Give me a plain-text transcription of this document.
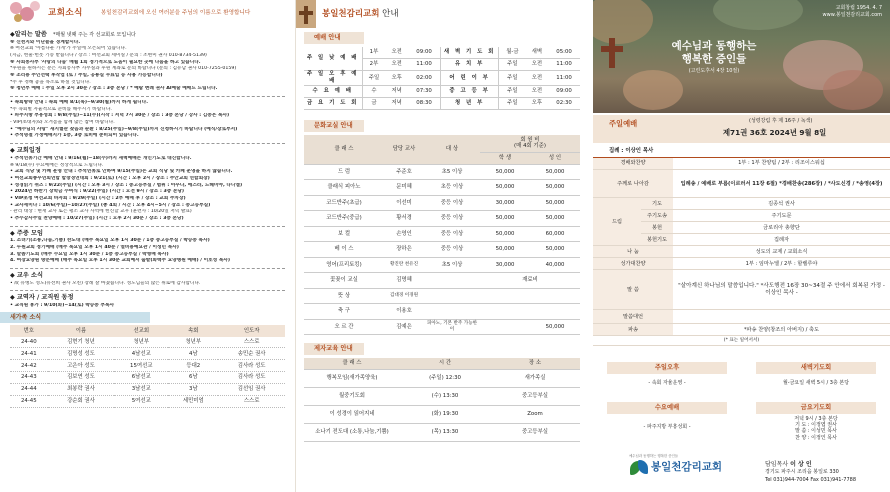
교회소식	봉일천감리교회에 오신 여러분을 주님의 이름으로 환영합니다
◆알리는 말씀 *매월 넷째 주는 각 선교회로 모입니다
※ 신천지와 이단들을 경계합시다.
※ 여선교회 '아름다운 가게'가 주일에 오픈되어 있습니다.
(지금, 헌물·헌옷 기증 받습니다 / 장소 : 여선교회 세미실 / 문의 : 조현미 권사 010-8734-5139)
※ 사회봉사부 '사랑의 나눔' 매월 1회 정기적으로 도움이 필요한 곳에 나눔을 하고 있습니다.
*후원을 원하시는 분은 사회봉사부 사무실과 후원 계좌로 문의 바랍니다 (문의 : 김유남 권사 010-7255-0159)
※ 조리용 주인선택 후작업 (토 / 주일, 공룡실 무료입 등 사용 가능합니다)
*주 후 정해 놓을 목소로 하실 것입니다.
※ 청년부 예배 : 주일 오후 2시 30분 / 장소 : 3층 본당 / * 예람 변례 권사 AI예술 예배드 드립니다.
• 속회방략 안내 : 속회 예배 8/1(목)~9/30(월)까지 하게 됩니다.
*주 속회별 자율적으로 준비를 해주시기 바랍니다.
• 파주지방 부흥성회 : 9/8(주일)~11(수)(시작 : 저녁 7시 30분 / 장소 : 3층 본당 / 강사 : 김중은 목사)
- VIP(초대자)와 오겨봄을 함께 많은 참여 바랍니다.
• "예수님의 사랑" 새지혈관 찾음과 순환 : 8/25(주일)~9/8(주일)까지 신청하시기 바랍니다 (예식/장로부서)
• 추석명절 가정예배지가 1층, 3층 로비에 준비되어 있습니다.
◆ 교회일정
• 추석연휴기간 예배 안내 : 9/16(월)~18(수)까지 새벽예배는 개인기도로 대신합니다.
※ 9/18(수) 수요예배는 정상적으로 드립니다.
• 교회 식당 및 카페 운영 안내 : 추석연휴로 인하여 9/15(주일)은 교회 식당 및 카페 운영을 하지 않습니다.
• 여선교회종무연회연합 합창경연대회 : 9/21(토) (시간 : 오후 2시 / 장소 : 주안교회 연합회장)
• 성경읽기 퀴즈 : 9/22(주일) (시간 : 오후 3시 / 장소 : 중고등부실 / 범위 : 아무나, 에스라, 느헤미야, 다니엘)
• 2024년 하반기 장학금 수여식 : 9/22(주일) (시간 : 오전 9시 / 장소 : 3층 본당)
• VIP초청 여선교회 바자회 : 9/29(주일) (시간 : 2부 예배 후 / 장소 : 교회 주차장)
• 교사세미나 : 10/6(주일)~10/27(주일) (총 4회 / 시간 : 오후 4시~5시 / 장소 : 중고등부실)
- 관리 대상 : 현재 교사 또는 평소 교사 사역에 헌신할 교우 (훈련사 : 10/20일 저녁 발표)
• 추수감사주일 찬양예배 : 10/27(주일) (시간 : 오후 2시 30분 / 장소 : 3층 본당)
◆ 주중 모임
1. 소녀기(소통,나눔,기쁨) 찬도대 (매주 목요일 오후 1시 30분 / 1층 중고등부실 / 박승중 목사)
2. 두원교회 정기예배 (매주 목요일 오후 1시 40분 / 열비용예요관 / 이성민 목사)
3. 말씀기도회 (매주 수요일 오후 1시 30분 / 1층 중고등부실 / 박형배 목사)
4. 여장요양원 방문예배 (매주 목요일 오후 1시 30분 교회예서 출발(화백주 요양병원 예배) / 이호성 목사)
◆ 교우 소식
• 故 유병도 성도(유선희 권사 모친) 장례 잘 마쳤습니다. 성도님들의 많은 위로에 감사합니다.
◆ 교역자 / 교직원 동정
• 교직원 휴가 : 9/10(화)~14(토) 박승중 부목사
새가족 소식
번호	이름	선교회	속회	인도자
24-40	김현기 청년	청년부	청년부	스스로
24-41	김명성 성도	4남선교	4남	송민순 권사
24-42	고은아 성도	15여선교	등대2	김사라 성도
24-43	김보연 성도	6남선교	6남	김사라 성도
24-44	최봉락 권사	3남선교	3남	김선임 권사
24-45	강순회 권사	5여선교	세민미엄	스스로
봉일천감리교회 안내
예배 안내
주 일 낮 예 배	1부	오전	09:00	새 벽 기 도 회	월-금	새벽	05:00
	2부	오전	11:00	유 치 부	주일	오전	11:00
주 일 오 후 예 배	주일	오후	02:00	어 린 이 부	주일	오전	11:00
수 요 예 배	수	저녁	07:30	중 고 등 부	주일	오전	09:00
금 요 기 도 회	금	저녁	08:30	청 년 부	주일	오후	02:30
문화교실 안내
클 래 스	담당 교사	대 상	회 원 비
(매 4회 기준)	
			학 생	성 인
드 럼	주준호	초5 이상	50,000	50,000
클래식 피아노	문미혜	초등 이상	50,000	50,000
코드반주(초급)	이선미	중등 이상	30,000	50,000
코드반주(중급)	황서경	중등 이상	50,000	50,000
보 컬	손영인	중등 이상	50,000	60,000
베 이 스	장하은	중등 이상	50,000	50,000
영어(프리토킹)	황진란 천유진	초5 이상	30,000	40,000
꽃꽂이 교실	김명혜		재료비	
뜻 상	김대경 이경원			
축 구	이용호			
오 르 간	김예은	피아노, 기본 반주 가능한 이		50,000
제자교육 안내
클 래 스	시 간	장 소
행복모임(새가족양육)	(주일) 12:30	새가족실
월중기도회	(수) 13:30	중고등부실
이 성경이 읽어지네	(화) 19:30	Zoom
소나기 전도대 (소통,나눔,기쁨)	(목) 13:30	중고등부실
교회창립 1954. 4. 7
www.봉일천감리교회.com
예수님과 동행하는
행복한 증인들
(고린도후서 4장 10절)
주일예배	(성령강림 후 제 16주 / 녹색)
제71권 36호 2024년 9월 8일
집례 : 이상인 목사
경배와찬양		1부 : 1부 찬양팀 / 2부 : 리조이스워십
주께로 나아감		입례송 / 예배로 부름(이르러서 11장 6절) *경배찬송(286장) / *사도신경 / *송영(4장)
드림	기도	김종석 권사
	주기도송	주기도문
	봉헌	금로리아 총향단
	봉헌기도	집례자
나 눔		성도의 교제 / 교회소식
성가대찬양		1부 : 임마누엘 / 2부 : 할렐루야
말 씀		"살아계신 하나님의 말씀입니다." *사도행전 16장 30~34절 주 안에서 회복된 가정 - 이상인 목사 -
말씀대언		
파송		*파송 찬양(창조의 아버지) / 축도
(* 표는 일어서서)		
주일오후
- 속회 자율운영 -
새벽기도회
월-금요일 새벽 5시 / 3층 본당
수요예배
- 파주지방 부흥성회 -
금요기도회
저녁 9시 / 3층 본당
기 도 : 이정엽 권사
말 씀 : 이성민 목사
찬 양 : 이정인 목사
예수님과 동행하는 행복한 증인들
봉일천감리교회	담임목사 이 상 인
경기도 파주시 조리읍 봉일로 330
Tel 031)944-7004 Fax 031)941-7788
